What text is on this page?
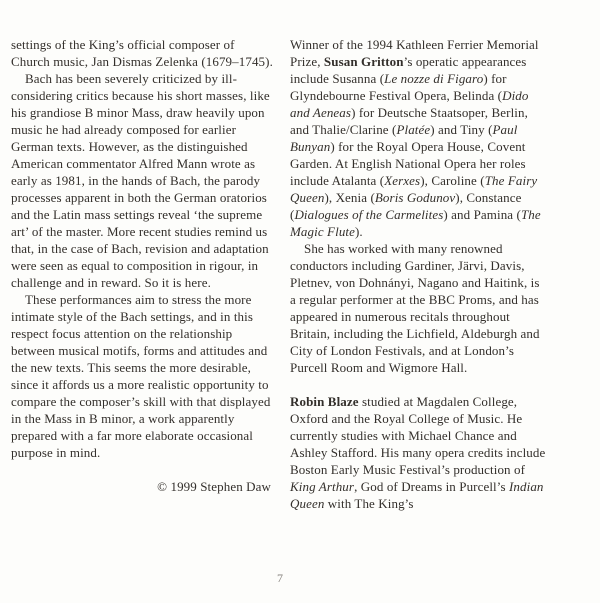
settings of the King’s official composer of Church music, Jan Dismas Zelenka (1679–1745).

Bach has been severely criticized by ill-considering critics because his short masses, like his grandiose B minor Mass, draw heavily upon music he had already composed for earlier German texts. However, as the distinguished American commentator Alfred Mann wrote as early as 1981, in the hands of Bach, the parody processes apparent in both the German oratorios and the Latin mass settings reveal ‘the supreme art’ of the master. More recent studies remind us that, in the case of Bach, revision and adaptation were seen as equal to composition in rigour, in challenge and in reward. So it is here.

These performances aim to stress the more intimate style of the Bach settings, and in this respect focus attention on the relationship between musical motifs, forms and attitudes and the new texts. This seems the more desirable, since it affords us a more realistic opportunity to compare the composer’s skill with that displayed in the Mass in B minor, a work apparently prepared with a far more elaborate occasional purpose in mind.

© 1999 Stephen Daw

Winner of the 1994 Kathleen Ferrier Memorial Prize, Susan Gritton’s operatic appearances include Susanna (Le nozze di Figaro) for Glyndebourne Festival Opera, Belinda (Dido and Aeneas) for Deutsche Staatsoper, Berlin, and Thalie/Clarine (Platée) and Tiny (Paul Bunyan) for the Royal Opera House, Covent Garden. At English National Opera her roles include Atalanta (Xerxes), Caroline (The Fairy Queen), Xenia (Boris Godunov), Constance (Dialogues of the Carmelites) and Pamina (The Magic Flute).

She has worked with many renowned conductors including Gardiner, Järvi, Davis, Pletnev, von Dohnányi, Nagano and Haitink, is a regular performer at the BBC Proms, and has appeared in numerous recitals throughout Britain, including the Lichfield, Aldeburgh and City of London Festivals, and at London’s Purcell Room and Wigmore Hall.

Robin Blaze studied at Magdalen College, Oxford and the Royal College of Music. He currently studies with Michael Chance and Ashley Stafford. His many opera credits include Boston Early Music Festival’s production of King Arthur, God of Dreams in Purcell’s Indian Queen with The King’s

7
